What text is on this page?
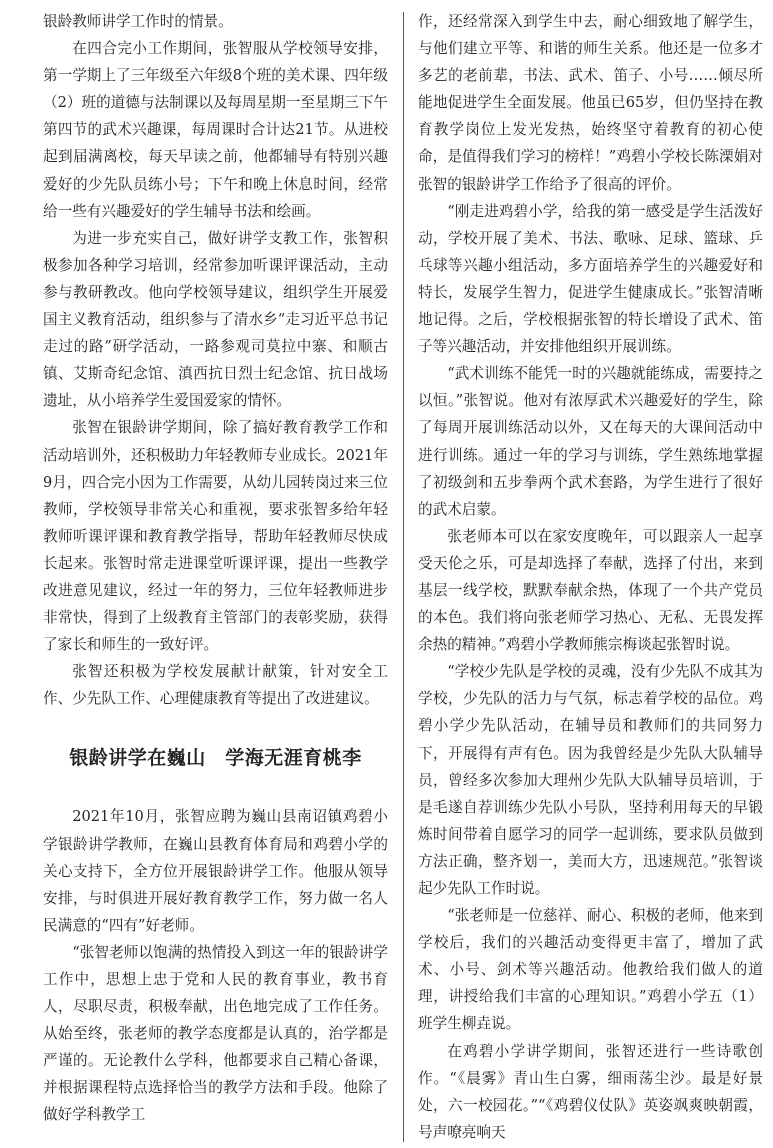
银龄教师讲学工作时的情景。

在四合完小工作期间，张智服从学校领导安排，第一学期上了三年级至六年级8个班的美术课、四年级（2）班的道德与法制课以及每周星期一至星期三下午第四节的武术兴趣课，每周课时合计达21节。从进校起到届满离校，每天早读之前，他都辅导有特别兴趣爱好的少先队员练小号；下午和晚上休息时间，经常给一些有兴趣爱好的学生辅导书法和绘画。

为进一步充实自己，做好讲学支教工作，张智积极参加各种学习培训，经常参加听课评课活动，主动参与教研教改。他向学校领导建议，组织学生开展爱国主义教育活动，组织参与了清水乡“走习近平总书记走过的路”研学活动，一路参观司莫拉中寨、和顺古镇、艾斯奇纪念馆、滇西抗日烈士纪念馆、抗日战场遗址，从小培养学生爱国爱家的情怀。

张智在银龄讲学期间，除了搞好教育教学工作和活动培训外，还积极助力年轻教师专业成长。2021年9月，四合完小因为工作需要，从幼儿园转岗过来三位教师，学校领导非常关心和重视，要求张智多给年轻教师听课评课和教育教学指导，帮助年轻教师尽快成长起来。张智时常走进课堂听课评课，提出一些教学改进意见建议，经过一年的努力，三位年轻教师进步非常快，得到了上级教育主管部门的表彰奖励，获得了家长和师生的一致好评。

张智还积极为学校发展献计献策，针对安全工作、少先队工作、心理健康教育等提出了改进建议。

银龄讲学在巍山　学海无涯育桃李

2021年10月，张智应聘为巍山县南诏镇鸡碧小学银龄讲学教师，在巍山县教育体育局和鸡碧小学的关心支持下，全方位开展银龄讲学工作。他服从领导安排，与时俱进开展好教育教学工作，努力做一名人民满意的“四有”好老师。

“张智老师以饱满的热情投入到这一年的银龄讲学工作中，思想上忠于党和人民的教育事业，教书育人，尽职尽责，积极奉献，出色地完成了工作任务。从始至终，张老师的教学态度都是认真的，治学都是严谨的。无论教什么学科，他都要求自己精心备课，并根据课程特点选择恰当的教学方法和手段。他除了做好学科教学工

作，还经常深入到学生中去，耐心细致地了解学生，与他们建立平等、和谐的师生关系。他还是一位多才多艺的老前辈，书法、武术、笛子、小号……倾尽所能地促进学生全面发展。他虽已65岁，但仍坚持在教育教学岗位上发光发热，始终坚守着教育的初心使命，是值得我们学习的榜样！”鸡碧小学校长陈溧娟对张智的银龄讲学工作给予了很高的评价。

“刚走进鸡碧小学，给我的第一感受是学生活泼好动，学校开展了美术、书法、歌咏、足球、篮球、乒乓球等兴趣小组活动，多方面培养学生的兴趣爱好和特长，发展学生智力，促进学生健康成长。”张智清晰地记得。之后，学校根据张智的特长增设了武术、笛子等兴趣活动，并安排他组织开展训练。

“武术训练不能凭一时的兴趣就能练成，需要持之以恒。”张智说。他对有浓厚武术兴趣爱好的学生，除了每周开展训练活动以外，又在每天的大课间活动中进行训练。通过一年的学习与训练，学生熟练地掌握了初级剑和五步拳两个武术套路，为学生进行了很好的武术启蒙。

张老师本可以在家安度晚年，可以跟亲人一起享受天伦之乐，可是却选择了奉献，选择了付出，来到基层一线学校，默默奉献余热，体现了一个共产党员的本色。我们将向张老师学习热心、无私、无畏发挥余热的精神。”鸡碧小学教师熊宗梅谈起张智时说。

“学校少先队是学校的灵魂，没有少先队不成其为学校，少先队的活力与气氛，标志着学校的品位。鸡碧小学少先队活动，在辅导员和教师们的共同努力下，开展得有声有色。因为我曾经是少先队大队辅导员，曾经多次参加大理州少先队大队辅导员培训，于是毛遂自荐训练少先队小号队，坚持利用每天的早锻炼时间带着自愿学习的同学一起训练，要求队员做到方法正确，整齐划一，美而大方，迅速规范。”张智谈起少先队工作时说。

“张老师是一位慈祥、耐心、积极的老师，他来到学校后，我们的兴趣活动变得更丰富了，增加了武术、小号、剑术等兴趣活动。他教给我们做人的道理，讲授给我们丰富的心理知识。”鸡碧小学五（1）班学生柳垚说。

在鸡碧小学讲学期间，张智还进行一些诗歌创作。“《晨雾》青山生白雾，细雨荡尘沙。最是好景处，六一校园花。”“《鸡碧仪仗队》英姿飒爽映朝霞，号声嘹亮响天
